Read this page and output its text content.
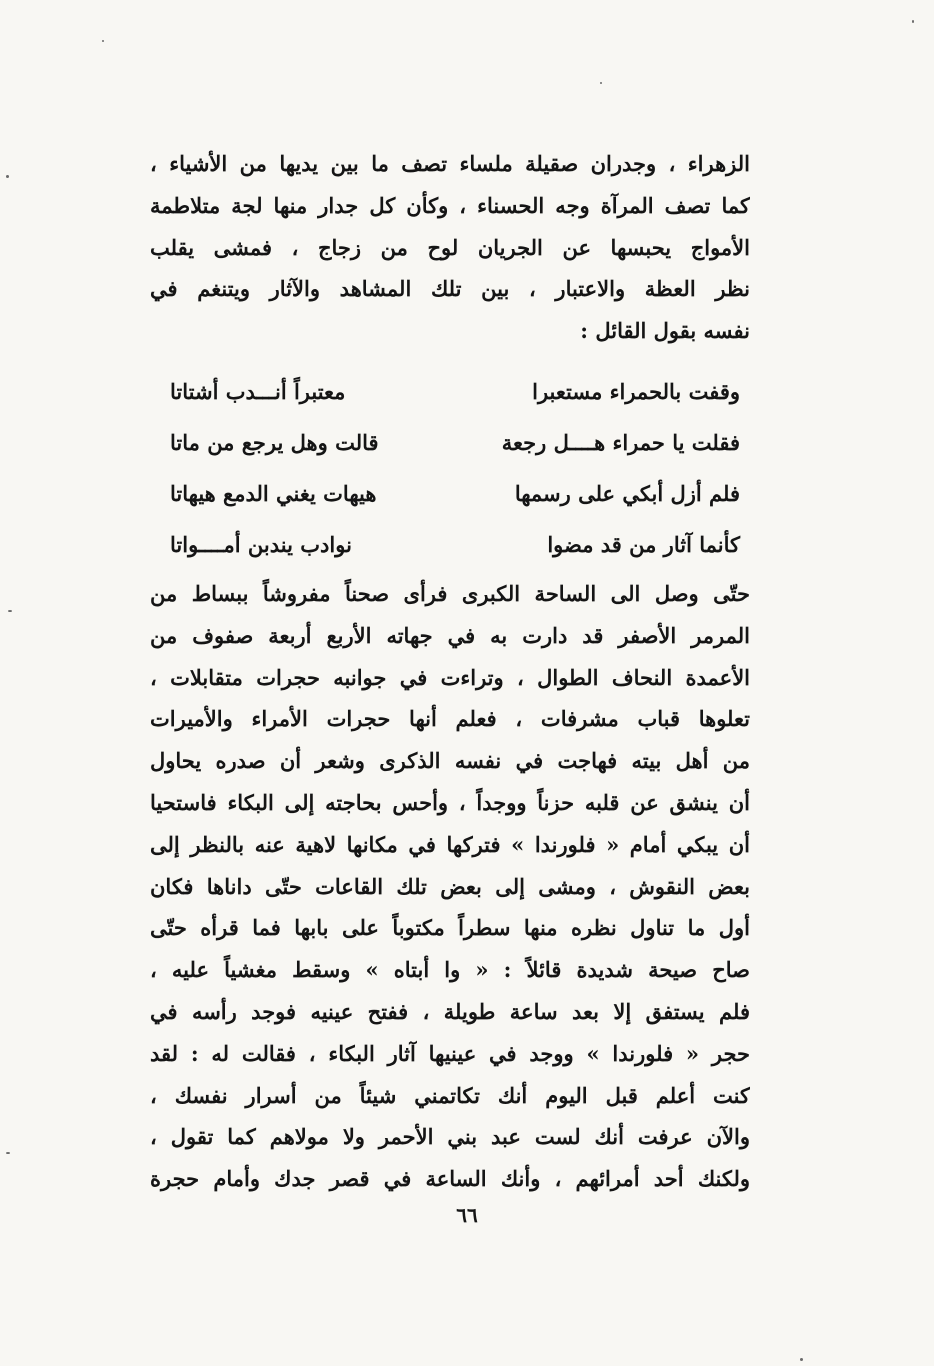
الزهراء ، وجدران صقيلة ملساء تصف ما بين يديها من الأشياء ،
كما تصف المرآة وجه الحسناء ، وكأن كل جدار منها لجة متلاطمة
الأمواج يحبسها عن الجريان لوح من زجاج ، فمشى يقلب
نظر العظة والاعتبار ، بين تلك المشاهد والآثار ويتنغم في
نفسه بقول القائل :
وقفت بالحمراء مستعبرا
معتبراً أنـــدب أشتاتا
فقلت يا حمراء هــــل رجعة
قالت وهل يرجع من ماتا
فلم أزل أبكي على رسمها
هيهات يغني الدمع هيهاتا
كأنما آثار من قد مضوا
نوادب يندبن أمــــواتا
حتّى وصل الى الساحة الكبرى فرأى صحناً مفروشاً ببساط من
المرمر الأصفر قد دارت به في جهاته الأربع أربعة صفوف من
الأعمدة النحاف الطوال ، وتراءت في جوانبه حجرات متقابلات ،
تعلوها قباب مشرفات ، فعلم أنها حجرات الأمراء والأميرات
من أهل بيته فهاجت في نفسه الذكرى وشعر أن صدره يحاول
أن ينشق عن قلبه حزناً ووجداً ، وأحس بحاجته إلى البكاء فاستحيا
أن يبكي أمام « فلورندا » فتركها في مكانها لاهية عنه بالنظر إلى
بعض النقوش ، ومشى إلى بعض تلك القاعات حتّى داناها فكان
أول ما تناول نظره منها سطراً مكتوباً على بابها فما قرأه حتّى
صاح صيحة شديدة قائلاً : « وا أبتاه » وسقط مغشياً عليه ،
فلم يستفق إلا بعد ساعة طويلة ، ففتح عينيه فوجد رأسه في
حجر « فلورندا » ووجد في عينيها آثار البكاء ، فقالت له : لقد
كنت أعلم قبل اليوم أنك تكاتمني شيئاً من أسرار نفسك ،
والآن عرفت أنك لست عبد بني الأحمر ولا مولاهم كما تقول ،
ولكنك أحد أمرائهم ، وأنك الساعة في قصر جدك وأمام حجرة
٦٦
